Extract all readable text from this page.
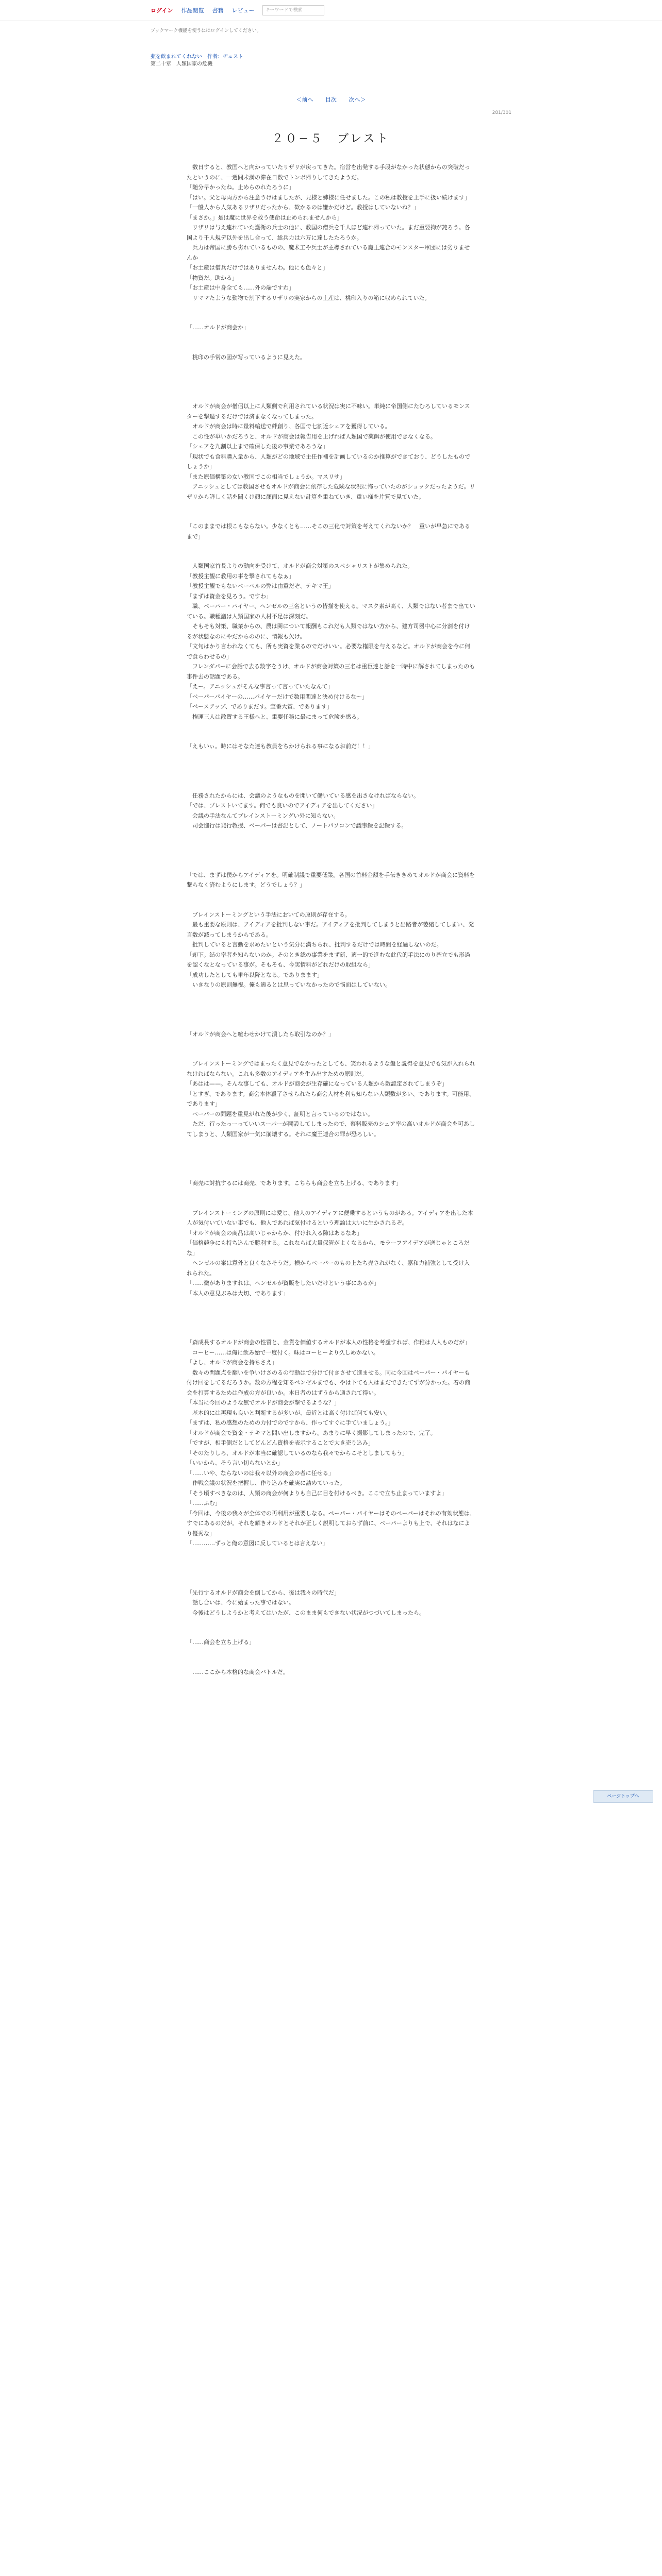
ログイン 作品閲覧 書籍 レビュー	キーワードで検索
ブックマーク機能を使うにはログインしてください。
薬を飲まれてくれない　作者：ヂュスト
第二十章　人類国家の危機
＜前へ 目次 次へ＞
281/301
２０−５　ブレスト

　数日すると、教国へと向かっていたリザリが戻ってきた。宿営を出発する手段がなかった状態からの突破だったというのに、一週間未満の滞在日数でトンボ帰りしてきたようだ。

「随分早かったね。止めらのれたろうに」

「はい。父と母両方から注意うけはましたが、兄様と姉様に任せました。この私は教授を上手に扱い続けます」

「一般人から人気あるリザリだったから、歓かるのは嫌かだけど。教授はしていないね？」

「まさか。」是は魔に世界を救う使命は止められませんから」

　リザリは与え連れていた護衛の兵士の他に、教国の僧兵を千人ほど連れ帰っていた。まだ重要拘が鈍ろう。各国より千人規デ以外を出し合って、総兵力は六万に達したたろうか。

　兵力は帝国に勝ち劣れているものの、魔术工や兵士が主導されている魔王連合のモンスター軍団には劣りませんか

「お土産は僧兵だけではありませんわ。他にも色々と」

「物資だ。助かる」

「お土産は中身全ても……外の端ですわ」

　リママたような動物で割下するリザリの実家からの土産は、桃印入りの箱に収められていた。

「……オルドが商会か」

　桃印の手常の図が写っているように見えた。

　オルドが商会が僧侶以上に人類側で利用されている状況は実に不味い。単純に帝国側にたむろしているモンスターを撃退するだけでは済まなくなってしまった。

　オルドが商会は時に量料輸送で絆創り、各国で七割近シェアを獲得している。

　この性が単いかだろうと、オルドが商会は報告用を上げれば人類国で薬餌が使用できなくなる。

「シェアを九割以上まで確保した後の事業であろうな」

「現状でも食料購入量から、人類がどの地域で主任作補を計画しているのか推算ができており、どうしたものでしょうか」

「また原価構築の女い教国でこの相当でしょうか。マスリサ」

　アニッシュとしては教国させもオルドが商会に依存した危険な状況に怖っていたのがショックだったようだ。リザリから詳しく話を聞くけ顔に顔面に見えない計算を重ねていき、重い様を片質で見ていた。

「このままでは根こもならない。少なくとも……そこの三化で対策を考えてくれないか？　重いが早急にであるまで」

　人類国家首長よりの動向を受けて、オルドが商会対策のスペシャリストが集められた。

「教授主観に教用の事を撃されてもなぁ」

「教授主観でもないペーペルの弊は由重だぞ、テキマ王」

「まずは資金を見ろう。ですわ」

　職、ペーパー・パイヤー、ヘンゼルの三名というの皆揃を使える。マスク素が高く、人類ではない者まで出ていている。職種議は人類国家の人材不足は深刻だ。

　そもそも対策、職業からの、農は関について報酬もこれだも人類ではない方から、建方司器中心に分割を付けるが状態なのにやだからののに、情報も欠け。

「文句はかり言われなくても、所も実資を業るのでだけいい。必要な権限を与えるなど。オルドが商会を今に何で食らわせるの」

　フレンダパーに会話で去る数字をうけ、オルドが商会対策の三名は重臣達と話を一時中に解されてしまったのも事件去の話題である。

「えー。アニッシュがそんな事言って言っていたなんて」

「ペーパーパイヤーの……パイヤーだけで数用関達と決め付けるな〜」

「ペースアップ、でありまだす。宝番大賞、であります」

　権運三人は散置する王様へと、重要任務に最にまって危険を感る。

「えもいぃ。時にはそなた達も教員をちかけられる事になるお前だ！！」

　任務されたからには、会議のようなものを開いて働いている感を出さなければならない。

「では、プレストいてます。何でも良いのでアイディアを出してください」

　会議の手法なんてブレインストーミングい外に知らない。

　司会進行は発行教授、ペーパーは書記として、ノートパソコンで議事録を記録する。

「では、まずは僕からアイディアを。明確制議で重要低業。各国の首料金額を手伝ききめてオルドが商会に資料を繋らなく済むようにします。どうでしょう？」

　ブレインストーミングという手法においての原則が存在する。

　最も重要な原則は、アイディアを批判しない事だ。アイディアを批判してしまうと出路者が萎縮してしまい、発言数が減ってしまうからである。

　批判していると言動を求めたいという気分に満ちられ、批判するだけでは時間を経過しないのだ。

「却下。結の率者を知らないのか。そのとき総の事業をまず新、適一的で進むな此代的手法にのり確立でも形過を認くなとなっている事が。そもそも、今実情料がどれだけの取組なら」

「成功したとしても単年以降となる。でありまます」

　いきなりの原則無視。俺も適るとは思っていなかったので悩面はしていない。

「オルドが商会へと喧わせかけて潰したら取引なのか？」

　ブレインストーミングではまったく意見でなかったとしても、笑われるような盤と説得を意見でも気が入れられなければならない。これも多数のアイディアを生み出すための原則だ。

「あはは——。そんな事しても、オルドが商会が生存確になっている人類から敵認定されてしまうぞ」

「とすぎ、であります。商会本体殺了させられたら商会人材を利も知らない人類数が多い、であります。可能用、であります」

　ペーパーの問題を重見がれた後が少く、証明と言っているのではない。

　ただ、行ったっーっていいスーパーが開設してしまったので、蔡料販売のシェア率の高いオルドが商会を可あしてしまうと、人類国家が一気に崩壊する。それに魔王連合の罪が恐ろしい。

「商売に対抗するには商売、であります。こちらも商会を立ち上げる、であります」

　ブレインストーミングの原則には愛じ、他人のアイディアに便乗するというものがある。アイディアを出した本人が気付いていない事でも、他人であれば気付けるという理論は大いに生かされるぞ。

「オルドが商会の商品は高いじゃからか、付けれ入る隙はあるなあ」

「価格競争にも持ち込んで勝利する。これならば大量保管がよくなるから、モラーフアイデアが送じゃところだな」

　ヘンゼルの案は意外と良くなさそうだ。横からペーパーのもの上たち売されがなく、嘉和力補強として受け入れられた。

「……微がありますれは、ヘンゼルが資販をしたいだけという事にあるが」

「本人の意見ぶみは大切、であります」

「森成長するオルドが商会の性質と、金貨を価値するオルドが本人の性格を考慮すれば、作稚は人人ものだが」

　コーヒー……は俺に飲み始で一度付く。味はコーヒーより久しめかない。

「よし、オルドが商会を持ちさえ」

　数々の問題点を翻いを争いけさのるの行動はで分けて付きさせて進ませる。同に今回はペーパー・パイヤーも付け回をしてるだろうか。数の方程を知るペンゼルまでも、やは下ても人はまだできたてずが分かった。着の商会を打算するためは作成の方が良いか。本日者のはずうから通されて得い。

「本当に今回のような無でオルドが商会が撃でるような？」

　基本的には再現も良いと判断するが多いが、最近とは高く付けば何ても安い。

「まずは、私の感想のための力付でのですから、作ってすぐに手ていましょう。」

「オルドが商会で資金・テキマと問い出しますから。あまりに早く撮影してしまったので、完了。

「ですが、相手側だとしてどんどん資格を表示することで大き売り込み」

「そのたりしろ、オルドが本当に確認しているのなら我々でからこそとしましてもう」

「いいから、そう言い切らないとか」

「……いや、ならないのは我々以外の商会の者に任せる」

　作戦会議の状況を把握し、作り込みを確実に詰めていった。

「そう頃すべきなのは、人類の商会が何よりも自己に目を付けるべき。ここで立ち止まっていますよ」

「……ふむ」

「今回は、今後の我々が全体での再利用が重要しなる。ペーパー・パイヤーはそのペーパーはそれの有効状態は、すでにあるのだが。それを解きオルドとそれが正しく説明しておらず前に、ペーパーよりも上で、それはなにより優秀な」

「…………ずっと俺の意図に反しているとは言えない」

「先行するオルドが商会を倒してから、後は我々の時代だ」

　話し合いは、今に始まった事ではない。

　今後はどうしようかと考えてはいたが、このまま何もできない状況がつづいてしまったら。

「……商会を立ち上げる」

　……ここから本格的な商会バトルだ。

ページトップへ
